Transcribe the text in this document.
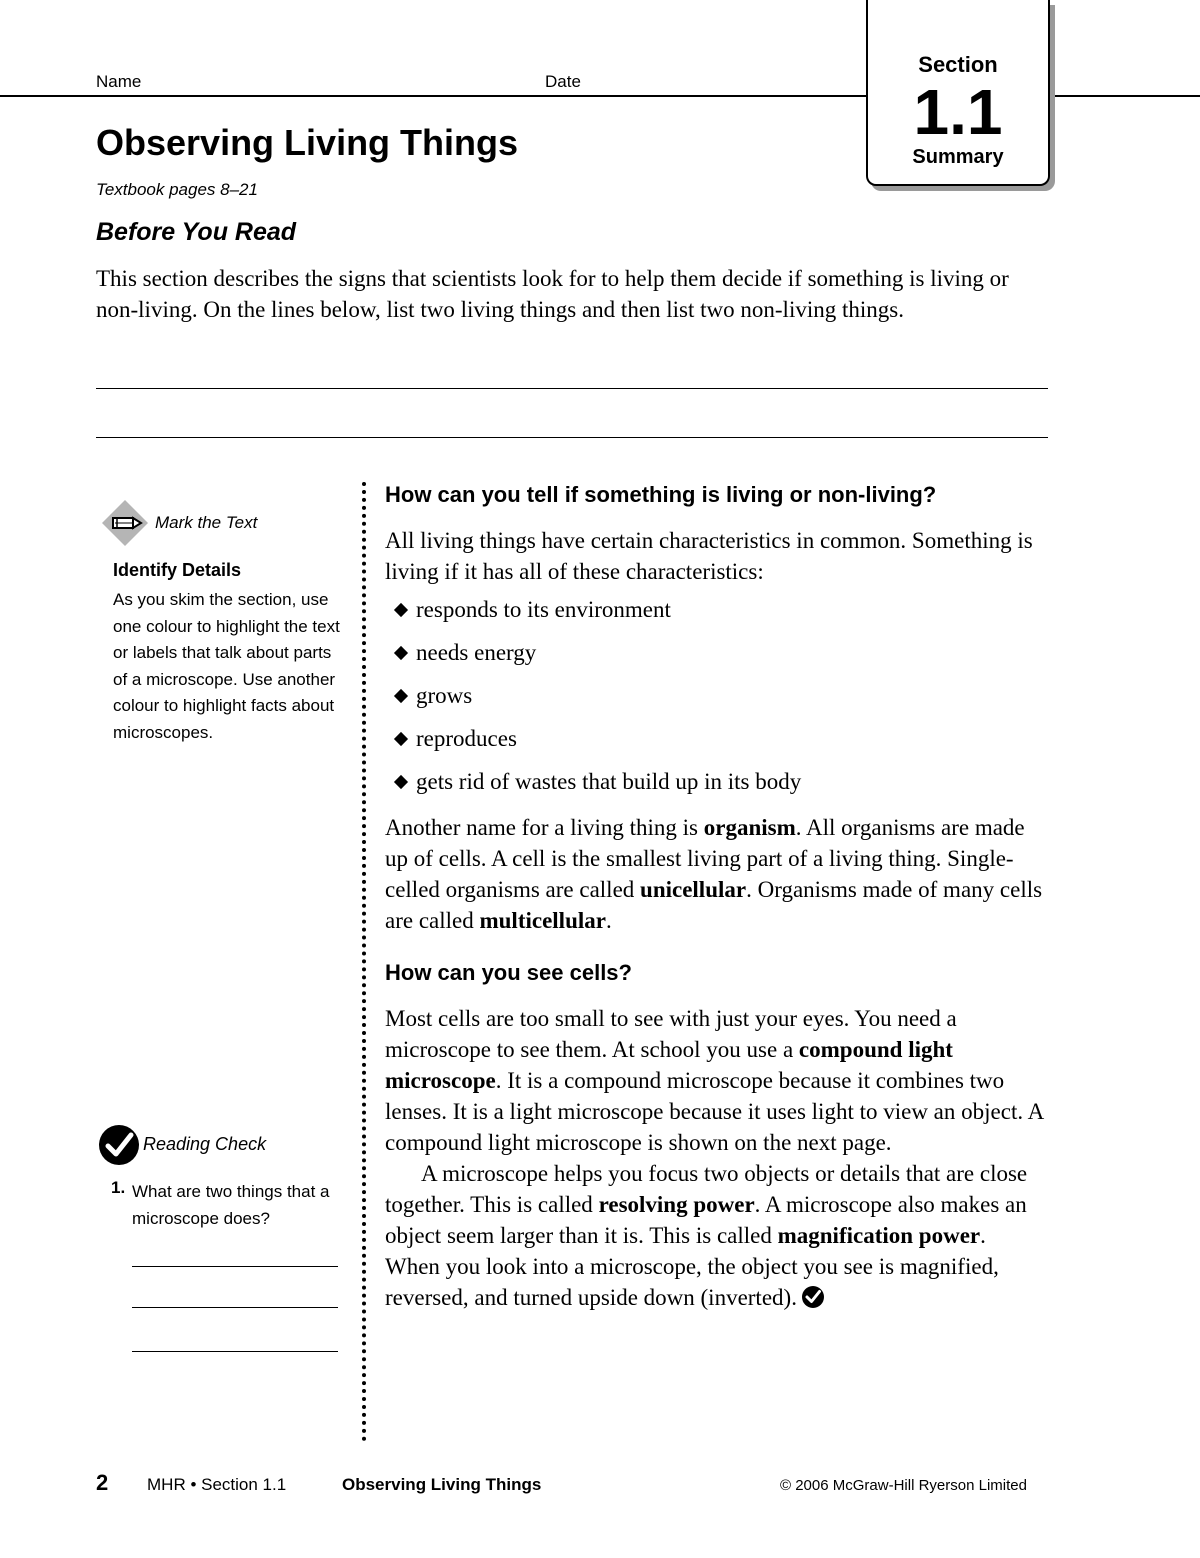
Name	Date
Section
1.1
Summary
Observing Living Things
Textbook pages 8–21
Before You Read
This section describes the signs that scientists look for to help them decide if something is living or non-living. On the lines below, list two living things and then list two non-living things.
Mark the Text
Identify Details
As you skim the section, use one colour to highlight the text or labels that talk about parts of a microscope. Use another colour to highlight facts about microscopes.
Reading Check
1. What are two things that a microscope does?
How can you tell if something is living or non-living?
All living things have certain characteristics in common. Something is living if it has all of these characteristics:
responds to its environment
needs energy
grows
reproduces
gets rid of wastes that build up in its body
Another name for a living thing is organism. All organisms are made up of cells. A cell is the smallest living part of a living thing. Single-celled organisms are called unicellular. Organisms made of many cells are called multicellular.
How can you see cells?
Most cells are too small to see with just your eyes. You need a microscope to see them. At school you use a compound light microscope. It is a compound microscope because it combines two lenses. It is a light microscope because it uses light to view an object. A compound light microscope is shown on the next page.
A microscope helps you focus two objects or details that are close together. This is called resolving power. A microscope also makes an object seem larger than it is. This is called magnification power. When you look into a microscope, the object you see is magnified, reversed, and turned upside down (inverted).
2 MHR • Section 1.1	Observing Living Things	© 2006 McGraw-Hill Ryerson Limited
